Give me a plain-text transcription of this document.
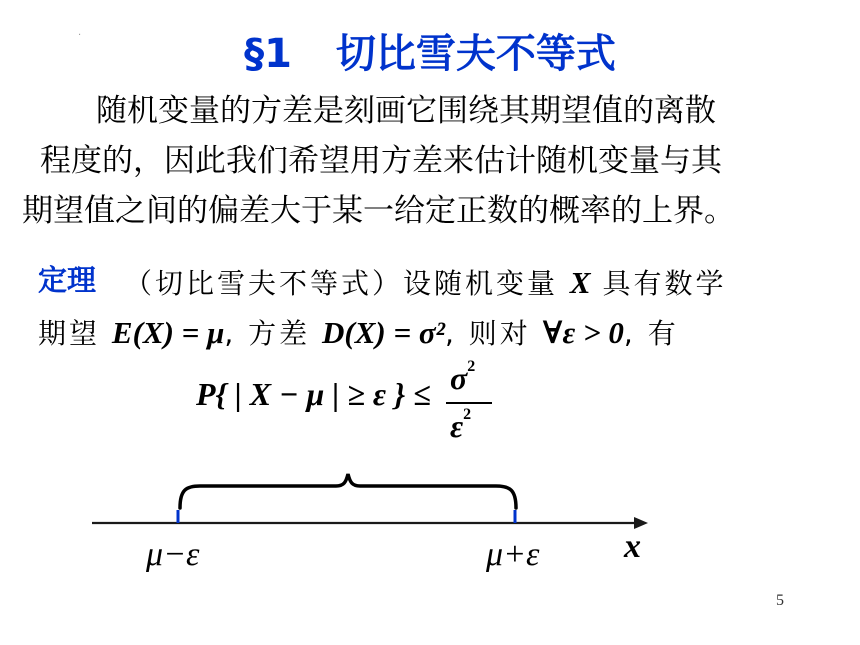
·	§1 切比雪夫不等式
随机变量的方差是刻画它围绕其期望值的离散
程度的，因此我们希望用方差来估计随机变量与其
期望值之间的偏差大于某一给定正数的概率的上界。
定理 （切比雪夫不等式）设随机变量 X 具有数学
期望 E(X) = μ, 方差 D(X) = σ², 则对 ∀ε > 0, 有
P{ | X − μ | ≥ ε } ≤ $\sigma^2$
$\varepsilon^2$
μ−ε	μ+ε x
5
